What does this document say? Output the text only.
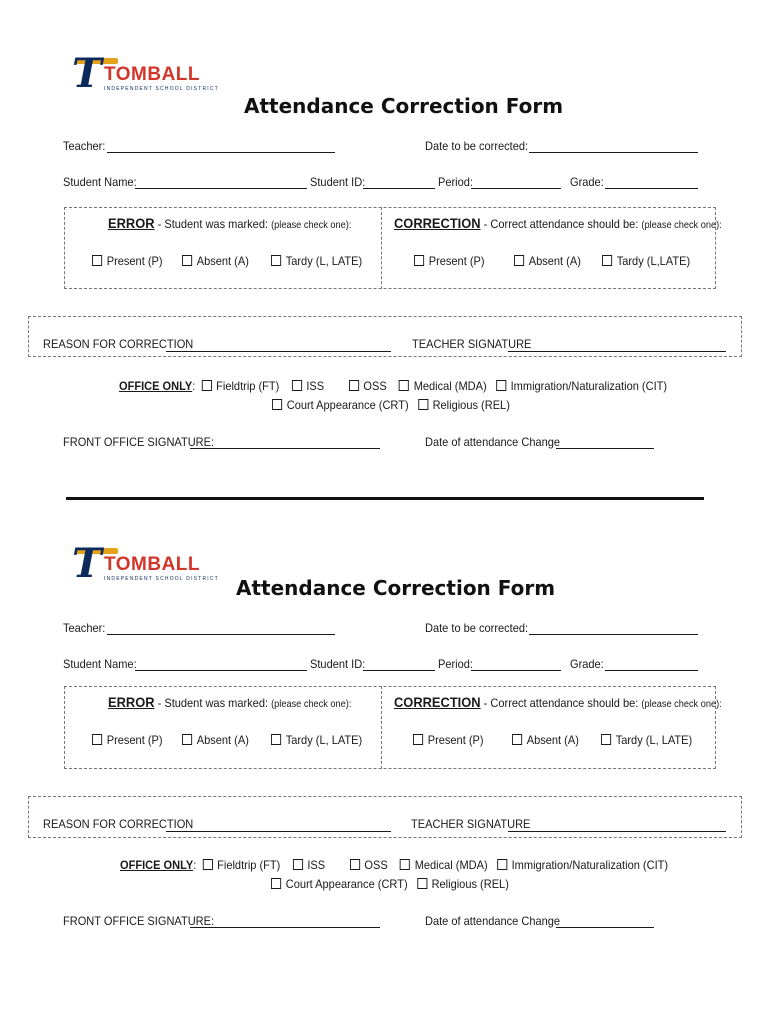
T TOMBALL
INDEPENDENT SCHOOL DISTRICT
Attendance Correction Form
Teacher:	Date to be corrected:
Student Name:	Student ID:	Period:	Grade:
ERROR - Student was marked: (please check one):	CORRECTION - Correct attendance should be: (please check one):
Present (P)	Absent (A)	Tardy (L, LATE)	Present (P)	Absent (A)	Tardy (L,LATE)
REASON FOR CORRECTION	TEACHER SIGNATURE
OFFICE ONLY: Fieldtrip (FT) ISS	OSS Medical (MDA) Immigration/Naturalization (CIT)
Court Appearance (CRT) Religious (REL)
FRONT OFFICE SIGNATURE:	Date of attendance Change
T TOMBALL
INDEPENDENT SCHOOL DISTRICT Attendance Correction Form
Teacher:	Date to be corrected:
Student Name:	Student ID:	Period:	Grade:
ERROR - Student was marked: (please check one):	CORRECTION - Correct attendance should be: (please check one):
Present (P)	Absent (A)	Tardy (L, LATE)	Present (P)	Absent (A)	Tardy (L, LATE)
REASON FOR CORRECTION	TEACHER SIGNATURE
OFFICE ONLY: Fieldtrip (FT) ISS	OSS Medical (MDA) Immigration/Naturalization (CIT)
Court Appearance (CRT) Religious (REL)
FRONT OFFICE SIGNATURE:	Date of attendance Change
